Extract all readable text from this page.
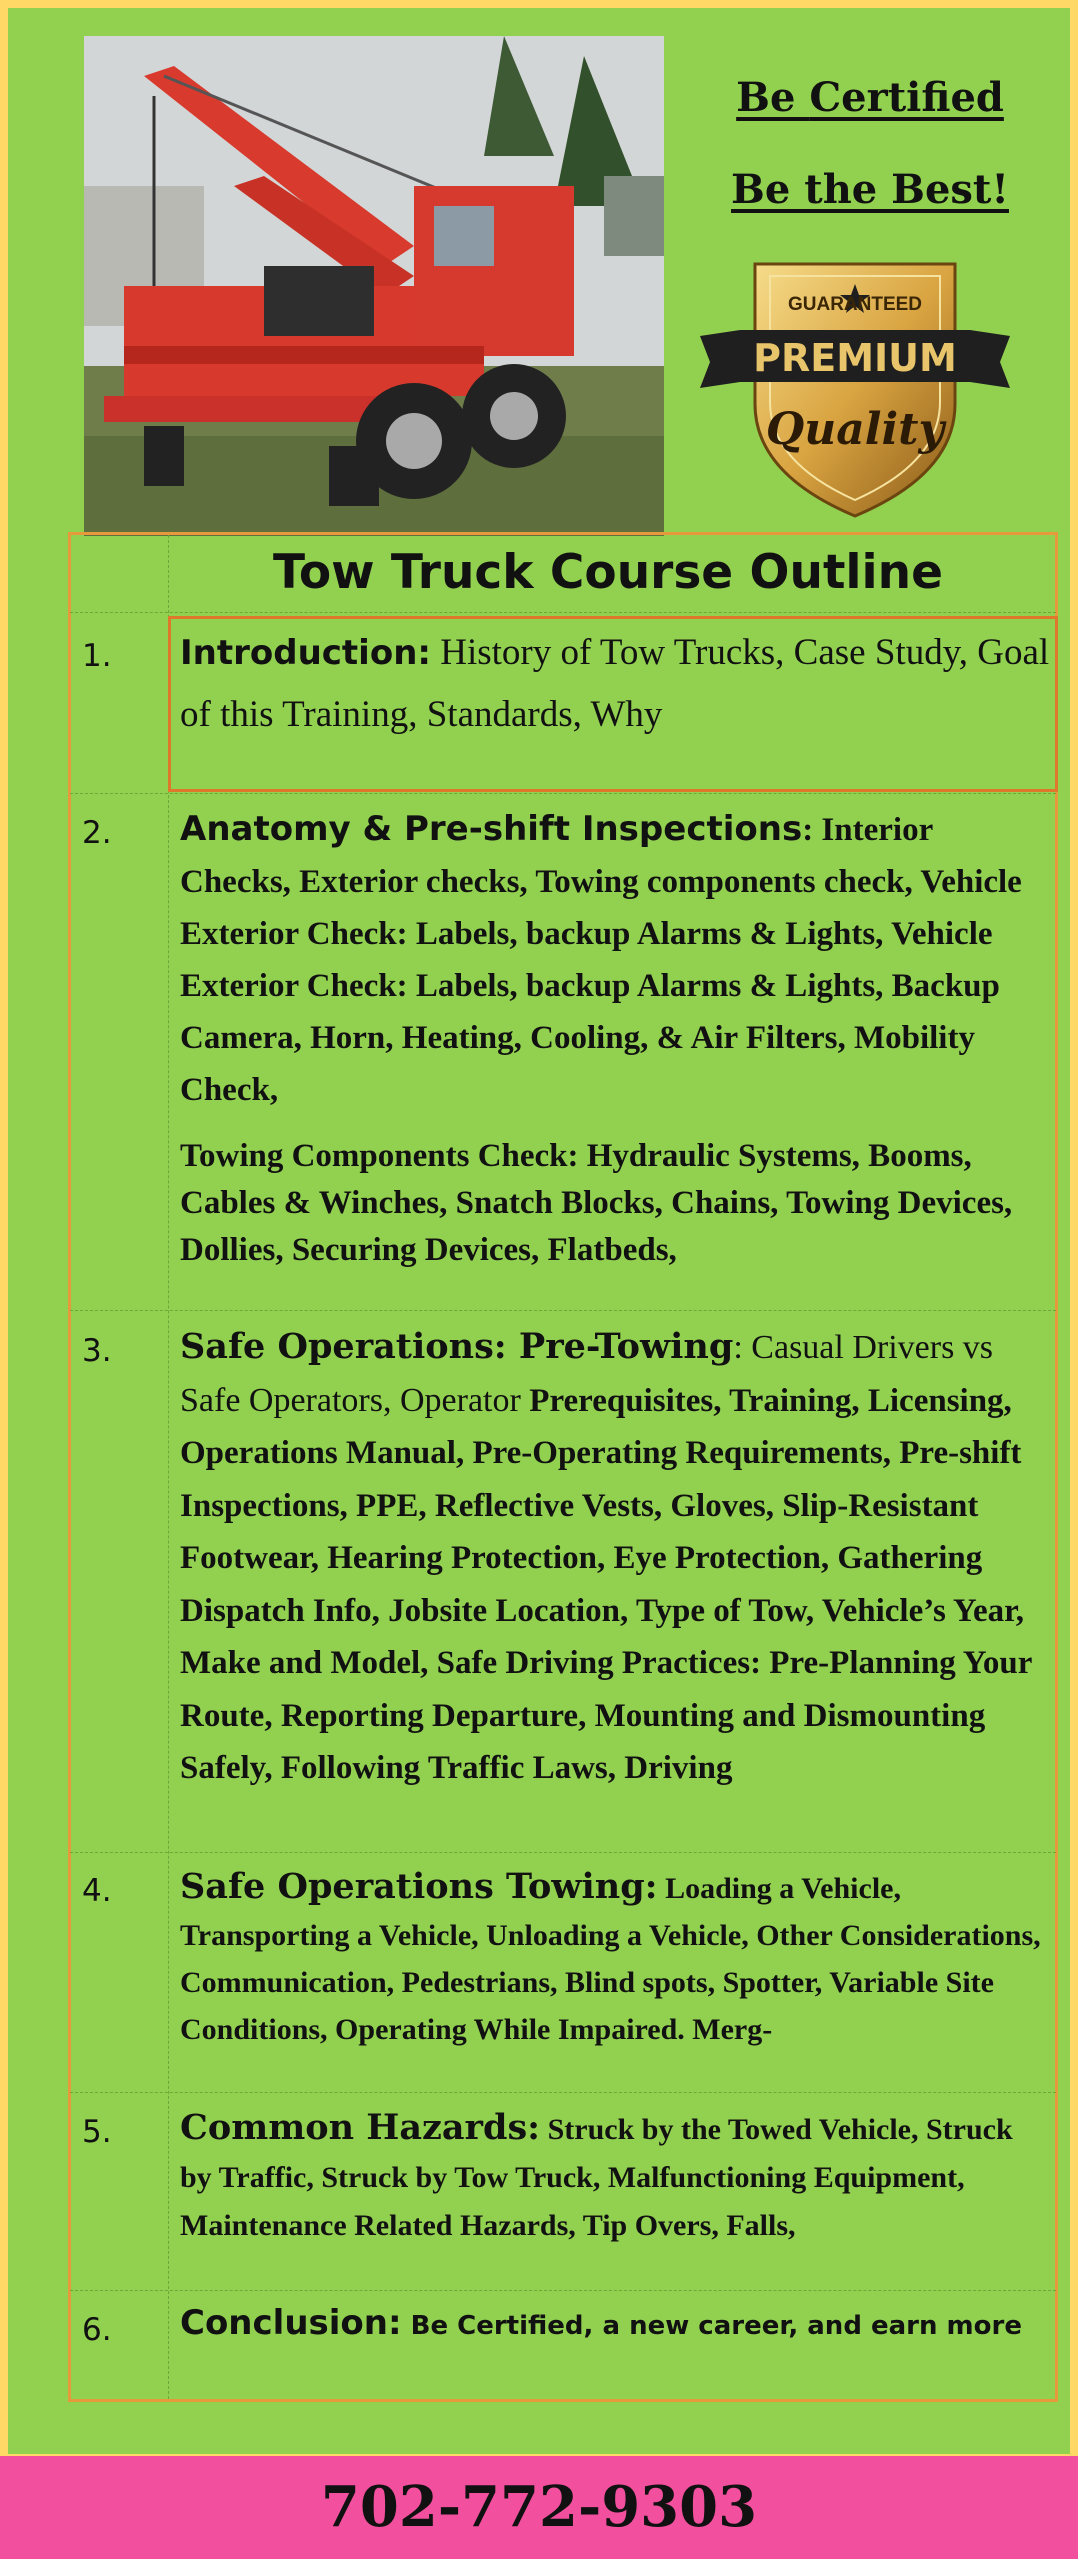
Be Certified
Be the Best!
GUARANTEED
PREMIUM
Quality
Tow Truck Course Outline
1. Introduction: History of Tow Trucks, Case Study, Goal of this Training, Standards, Why
2. Anatomy & Pre-shift Inspections: Interior Checks, Exterior checks, Towing components check, Vehicle Exterior Check: Labels, backup Alarms & Lights, Vehicle Exterior Check: Labels, backup Alarms & Lights, Backup Camera, Horn, Heating, Cooling, & Air Filters, Mobility Check,
Towing Components Check: Hydraulic Systems, Booms, Cables & Winches, Snatch Blocks, Chains, Towing Devices, Dollies, Securing Devices, Flatbeds,
3. Safe Operations: Pre-Towing: Casual Drivers vs Safe Operators, Operator Prerequisites, Training, Licensing, Operations Manual, Pre-Operating Requirements, Pre-shift Inspections, PPE, Reflective Vests, Gloves, Slip-Resistant Footwear, Hearing Protection, Eye Protection, Gathering Dispatch Info, Jobsite Location, Type of Tow, Vehicle’s Year, Make and Model, Safe Driving Practices: Pre-Planning Your Route, Reporting Departure, Mounting and Dismounting Safely, Following Traffic Laws, Driving
4. Safe Operations Towing: Loading a Vehicle, Transporting a Vehicle, Unloading a Vehicle, Other Considerations, Communication, Pedestrians, Blind spots, Spotter, Variable Site Conditions, Operating While Impaired. Merg-
5. Common Hazards: Struck by the Towed Vehicle, Struck by Traffic, Struck by Tow Truck, Malfunctioning Equipment, Maintenance Related Hazards, Tip Overs, Falls,
6. Conclusion: Be Certified, a new career, and earn more
702-772-9303
